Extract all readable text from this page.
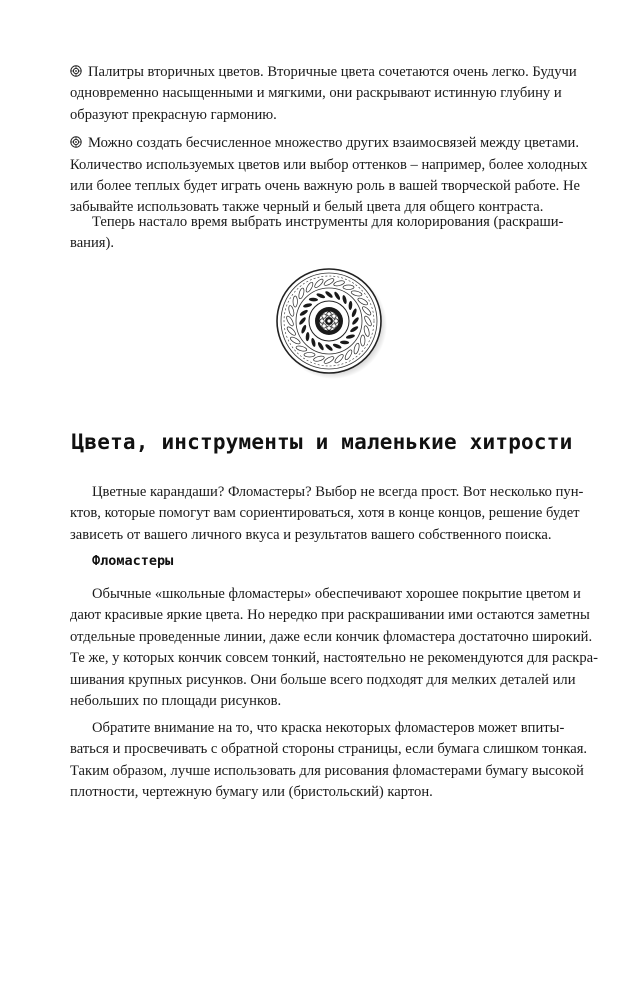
Палитры вторичных цветов. Вторичные цвета сочетаются очень легко. Будучи
одновременно насыщенными и мягкими, они раскрывают истинную глубину и
образуют прекрасную гармонию.

Можно создать бесчисленное множество других взаимосвязей между цветами.
Количество используемых цветов или выбор оттенков – например, более холодных
или более теплых будет играть очень важную роль в вашей творческой работе. Не
забывайте использовать также черный и белый цвета для общего контраста.

Теперь настало время выбрать инструменты для колорирования (раскраши-
вания).
Цвета, инструменты и маленькие хитрости
Цветные карандаши? Фломастеры? Выбор не всегда прост. Вот несколько пун-
ктов, которые помогут вам сориентироваться, хотя в конце концов, решение будет
зависеть от вашего личного вкуса и результатов вашего собственного поиска.
Фломастеры
Обычные «школьные фломастеры» обеспечивают хорошее покрытие цветом и
дают красивые яркие цвета. Но нередко при раскрашивании ими остаются заметны
отдельные проведенные линии, даже если кончик фломастера достаточно широкий.
Те же, у которых кончик совсем тонкий, настоятельно не рекомендуются для раскра-
шивания крупных рисунков. Они больше всего подходят для мелких деталей или
небольших по площади рисунков.
Обратите внимание на то, что краска некоторых фломастеров может впиты-
ваться и просвечивать с обратной стороны страницы, если бумага слишком тонкая.
Таким образом, лучше использовать для рисования фломастерами бумагу высокой
плотности, чертежную бумагу или (бристольский) картон.
